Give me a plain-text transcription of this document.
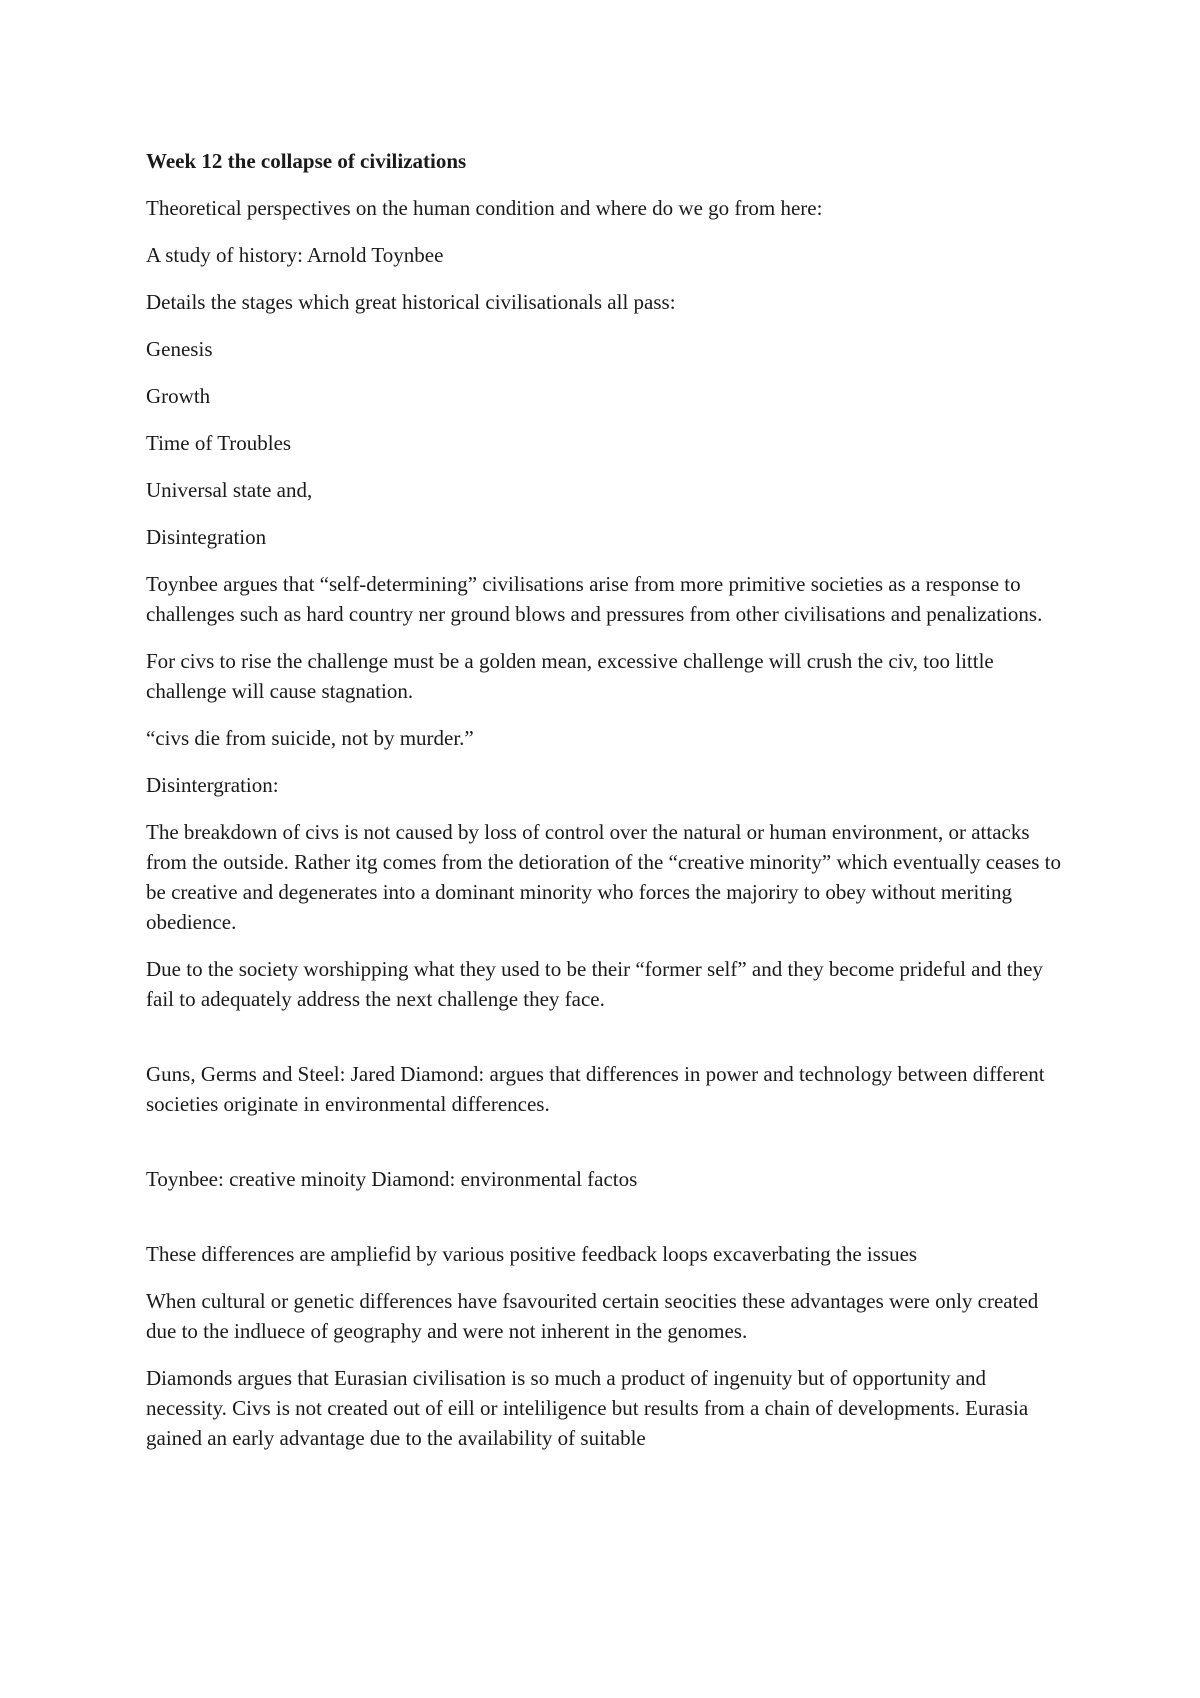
Week 12 the collapse of civilizations

Theoretical perspectives on the human condition and where do we go from here:

A study of history: Arnold Toynbee

Details the stages which great historical civilisationals all pass:

Genesis

Growth

Time of Troubles

Universal state and,

Disintegration

Toynbee argues that “self-determining” civilisations arise from more primitive societies as a response to challenges such as hard country ner ground blows and pressures from other civilisations and penalizations.

For civs to rise the challenge must be a golden mean, excessive challenge will crush the civ, too little challenge will cause stagnation.

“civs die from suicide, not by murder.”

Disintergration:

The breakdown of civs is not caused by loss of control over the natural or human environment, or attacks from the outside. Rather itg comes from the detioration of the “creative minority” which eventually ceases to be creative and degenerates into a dominant minority who forces the majoriry to obey without meriting obedience.

Due to the society worshipping what they used to be their “former self” and they become prideful and they fail to adequately address the next challenge they face.

Guns, Germs and Steel: Jared Diamond: argues that differences in power and technology between different societies originate in environmental differences.

Toynbee: creative minoity Diamond: environmental factos

These differences are ampliefid by various positive feedback loops excaverbating the issues

When cultural or genetic differences have fsavourited certain seocities these advantages were only created due to the indluece of geography and were not inherent in the genomes.

Diamonds argues that Eurasian civilisation is so much a product of ingenuity but of opportunity and necessity. Civs is not created out of eill or inteliligence but results from a chain of developments. Eurasia gained an early advantage due to the availability of suitable
